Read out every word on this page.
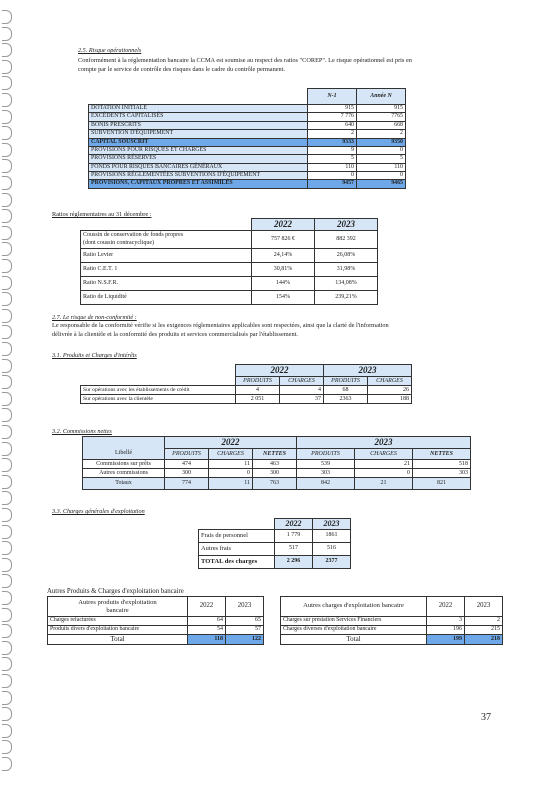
2.5. Risque opérationnels
Conformément à la réglementation bancaire la CCMA est soumise au respect des ratios "COREP". Le risque opérationnel est pris en
compte par le service de contrôle des risques dans le cadre du contrôle permanent.
2.6. Gestion du capital et ratios réglementaires
		N-1	Année N
DOTATION INITIALE	915	915
EXCÉDENTS CAPITALISÉS	7 776	7765
BONIS PRESCRITS	640	668
SUBVENTION D'ÉQUIPEMENT	2	2
CAPITAL SOUSCRIT	9333	9350
PROVISIONS POUR RISQUES ET CHARGES	9	0
PROVISIONS RÉSERVES	5	5
FONDS POUR RISQUES BANCAIRES GÉNÉRAUX	110	110
PROVISIONS RÉGLEMENTÉES SUBVENTIONS D'ÉQUIPEMENT	0	0
PROVISIONS, CAPITAUX PROPRES ET ASSIMILÉS	9457	9465
Ratios réglementaires au 31 décembre :
	2022	2023

Coussin de conservation de fonds propres
(dont coussin contracyclique)	757 826 €	882 392

Ratio Levier	24,14%	26,08%

Ratio C.E.T. 1	30,81%	31,98%

Ratio N.S.F.R.	144%	134,08%

Ratio de Liquidité	154%	239,21%
2.7. Le risque de non-conformité :
Le responsable de la conformité vérifie si les exigences réglementaires applicables sont respectées, ainsi que la clarté de l'information
délivrée à la clientèle et la conformité des produits et services commercialisés par l'établissement.
3.1. Produits et Charges d'intérêts
	2022		2023	
	PRODUITS	CHARGES	PRODUITS	CHARGES
Sur opérations avec les établissements de crédit	4	4	68	26
Sur opérations avec la clientèle	2 051	37	2363	188
3.2. Commissions nettes
	2022			2023		
Libellé	PRODUITS	CHARGES	NETTES	PRODUITS	CHARGES	NETTES
Commissions sur prêts	474	11	463	539	21	518
Autres commissions	300	0	300	303	0	303
Totaux	774	11	763	842	21	821
3.3. Charges générales d'exploitation
	2022	2023
Frais de personnel	1 779	1861
Autres frais	517	516
TOTAL des charges	2 296	2377
Autres Produits & Charges d'exploitation bancaire
Autres produits d'exploitation
bancaire	2022	2023
Charges refacturées	64	65
Produits divers d'exploitation bancaire	54	57
Total	118	122
Autres charges d'exploitation bancaire	2022	2023
Charges sur prestation Services Financiers	3	2
Charges diverses d'exploitation bancaire	196	215
Total	199	218
37
